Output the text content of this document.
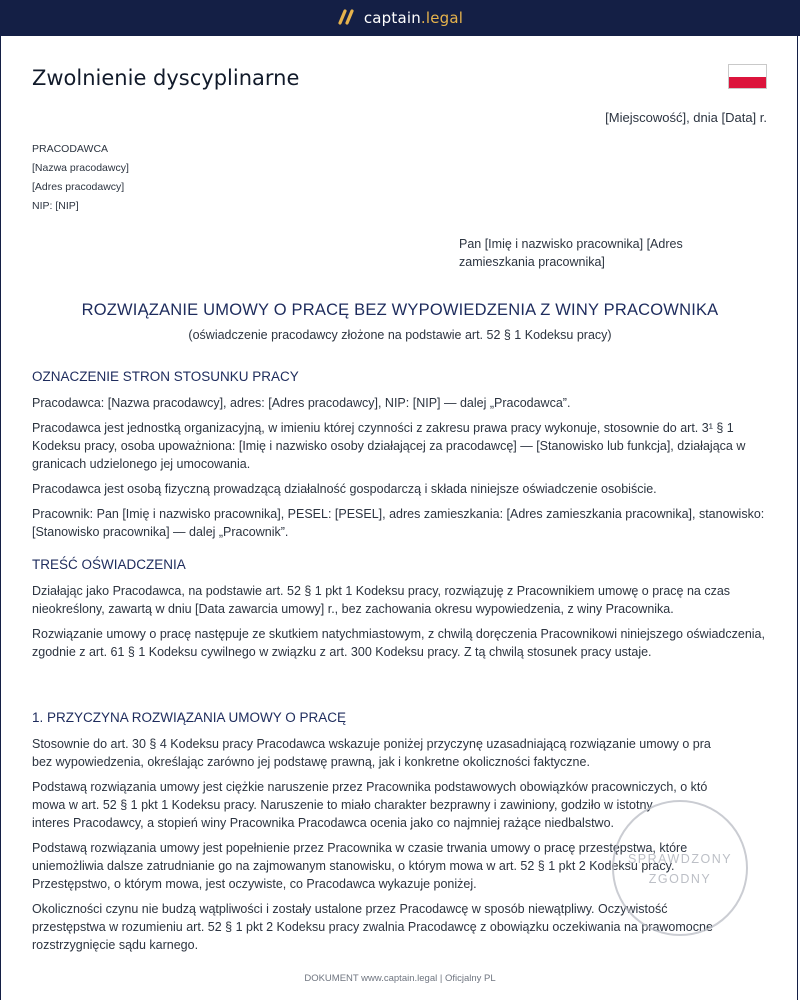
captain .legal
Zwolnienie dyscyplinarne
[Miejscowość], dnia [Data] r.
PRACODAWCA
[Nazwa pracodawcy]
[Adres pracodawcy]
NIP: [NIP]
Pan [Imię i nazwisko pracownika] [Adres zamieszkania pracownika]
ROZWIĄZANIE UMOWY O PRACĘ BEZ WYPOWIEDZENIA Z WINY PRACOWNIKA
(oświadczenie pracodawcy złożone na podstawie art. 52 § 1 Kodeksu pracy)
OZNACZENIE STRON STOSUNKU PRACY
Pracodawca: [Nazwa pracodawcy], adres: [Adres pracodawcy], NIP: [NIP] — dalej „Pracodawca”.
Pracodawca jest jednostką organizacyjną, w imieniu której czynności z zakresu prawa pracy wykonuje, stosownie do art. 3¹ § 1 Kodeksu pracy, osoba upoważniona: [Imię i nazwisko osoby działającej za pracodawcę] — [Stanowisko lub funkcja], działająca w granicach udzielonego jej umocowania.
Pracodawca jest osobą fizyczną prowadzącą działalność gospodarczą i składa niniejsze oświadczenie osobiście.
Pracownik: Pan [Imię i nazwisko pracownika], PESEL: [PESEL], adres zamieszkania: [Adres zamieszkania pracownika], stanowisko: [Stanowisko pracownika] — dalej „Pracownik”.
TREŚĆ OŚWIADCZENIA
Działając jako Pracodawca, na podstawie art. 52 § 1 pkt 1 Kodeksu pracy, rozwiązuję z Pracownikiem umowę o pracę na czas nieokreślony, zawartą w dniu [Data zawarcia umowy] r., bez zachowania okresu wypowiedzenia, z winy Pracownika.
Rozwiązanie umowy o pracę następuje ze skutkiem natychmiastowym, z chwilą doręczenia Pracownikowi niniejszego oświadczenia, zgodnie z art. 61 § 1 Kodeksu cywilnego w związku z art. 300 Kodeksu pracy. Z tą chwilą stosunek pracy ustaje.
1. PRZYCZYNA ROZWIĄZANIA UMOWY O PRACĘ
Stosownie do art. 30 § 4 Kodeksu pracy Pracodawca wskazuje poniżej przyczynę uzasadniającą rozwiązanie umowy o pra
bez wypowiedzenia, określając zarówno jej podstawę prawną, jak i konkretne okoliczności faktyczne.
Podstawą rozwiązania umowy jest ciężkie naruszenie przez Pracownika podstawowych obowiązków pracowniczych, o któ
mowa w art. 52 § 1 pkt 1 Kodeksu pracy. Naruszenie to miało charakter bezprawny i zawiniony, godziło w istotny
interes Pracodawcy, a stopień winy Pracownika Pracodawca ocenia jako co najmniej rażące niedbalstwo.
Podstawą rozwiązania umowy jest popełnienie przez Pracownika w czasie trwania umowy o pracę przestępstwa, które
uniemożliwia dalsze zatrudnianie go na zajmowanym stanowisku, o którym mowa w art. 52 § 1 pkt 2 Kodeksu pracy.
Przestępstwo, o którym mowa, jest oczywiste, co Pracodawca wykazuje poniżej.
Okoliczności czynu nie budzą wątpliwości i zostały ustalone przez Pracodawcę w sposób niewątpliwy. Oczywistość
przestępstwa w rozumieniu art. 52 § 1 pkt 2 Kodeksu pracy zwalnia Pracodawcę z obowiązku oczekiwania na prawomocne
rozstrzygnięcie sądu karnego.
SPRAWDZONY
ZGODNY
DOKUMENT www.captain.legal | Oficjalny PL
